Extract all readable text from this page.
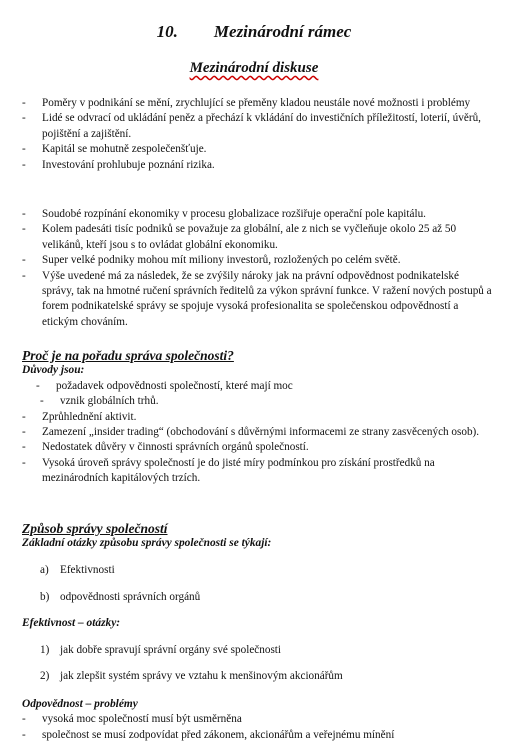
10. Mezinárodní rámec
Mezinárodní diskuse

- Poměry v podnikání se mění, zrychlující se přeměny kladou neustále nové možnosti i problémy

- Lidé se odvrací od ukládání peněz a přechází k vkládání do investičních příležitostí, loterií, úvěrů, pojištění a zajištění.

- Kapitál se mohutně zespolečenšťuje.

- Investování prohlubuje poznání rizika.

- Soudobé rozpínání ekonomiky v procesu globalizace rozšiřuje operační pole kapitálu.

- Kolem padesáti tisíc podniků se považuje za globální, ale z nich se vyčleňuje okolo 25 až 50 velikánů, kteří jsou s to ovládat globální ekonomiku.

- Super velké podniky mohou mít miliony investorů, rozložených po celém světě.

- Výše uvedené má za následek, že se zvýšily nároky jak na právní odpovědnost podnikatelské správy, tak na hmotné ručení správních ředitelů za výkon správní funkce. V ražení nových postupů a forem podnikatelské správy se spojuje vysoká profesionalita se společenskou odpovědností a etickým chováním.

Proč je na pořadu správa společnosti?

Důvody jsou:

- požadavek odpovědnosti společností, které mají moc

- vznik globálních trhů.

- Zprůhlednění aktivit.

- Zamezení „insider trading“ (obchodování s důvěrnými informacemi ze strany zasvěcených osob).

- Nedostatek důvěry v činnosti správních orgánů společností.

- Vysoká úroveň správy společností je do jisté míry podmínkou pro získání prostředků na mezinárodních kapitálových trzích.

Způsob správy společností

Základní otázky způsobu správy společnosti se týkají:

a) Efektivnosti

b) odpovědnosti správních orgánů

Efektivnost – otázky:

1) jak dobře spravují správní orgány své společnosti

2) jak zlepšit systém správy ve vztahu k menšinovým akcionářům

Odpovědnost – problémy

- vysoká moc společností musí být usměrněna

- společnost se musí zodpovídat před zákonem, akcionářům a veřejnému mínění
